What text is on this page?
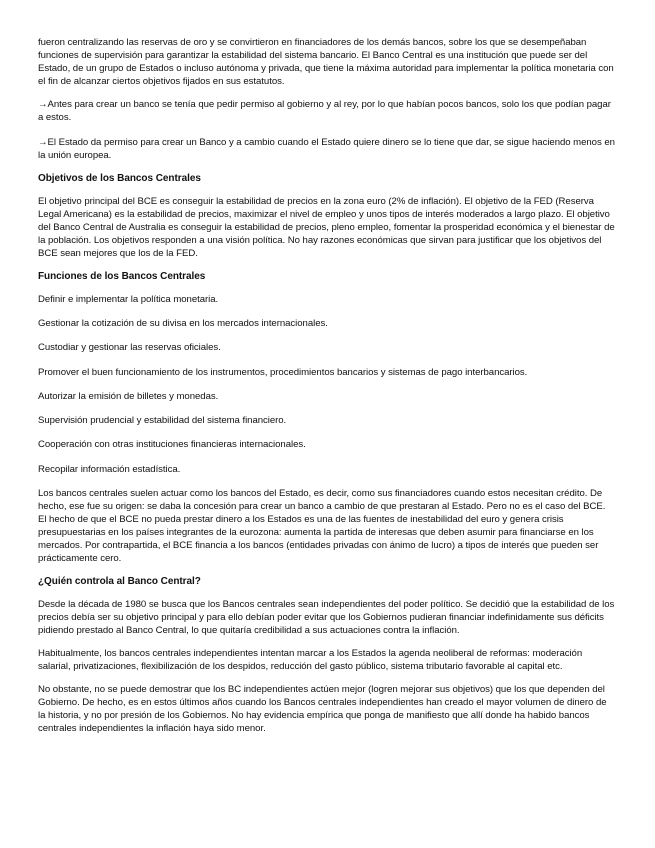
fueron centralizando las reservas de oro y se convirtieron en financiadores de los demás bancos, sobre los que se desempeñaban funciones de supervisión para garantizar la estabilidad del sistema bancario. El Banco Central es una institución que puede ser del Estado, de un grupo de Estados o incluso autónoma y privada, que tiene la máxima autoridad para implementar la política monetaria con el fin de alcanzar ciertos objetivos fijados en sus estatutos.

→Antes para crear un banco se tenía que pedir permiso al gobierno y al rey, por lo que habían pocos bancos, solo los que podían pagar a estos.

→El Estado da permiso para crear un Banco y a cambio cuando el Estado quiere dinero se lo tiene que dar, se sigue haciendo menos en la unión europea.

Objetivos de los Bancos Centrales

El objetivo principal del BCE es conseguir la estabilidad de precios en la zona euro (2% de inflación). El objetivo de la FED (Reserva Legal Americana) es la estabilidad de precios, maximizar el nivel de empleo y unos tipos de interés moderados a largo plazo. El objetivo del Banco Central de Australia es conseguir la estabilidad de precios, pleno empleo, fomentar la prosperidad económica y el bienestar de la población. Los objetivos responden a una visión política. No hay razones económicas que sirvan para justificar que los objetivos del BCE sean mejores que los de la FED.

Funciones de los Bancos Centrales
Definir e implementar la política monetaria.
Gestionar la cotización de su divisa en los mercados internacionales.
Custodiar y gestionar las reservas oficiales.
Promover el buen funcionamiento de los instrumentos, procedimientos bancarios y sistemas de pago interbancarios.
Autorizar la emisión de billetes y monedas.
Supervisión prudencial y estabilidad del sistema financiero.
Cooperación con otras instituciones financieras internacionales.
Recopilar información estadística.

Los bancos centrales suelen actuar como los bancos del Estado, es decir, como sus financiadores cuando estos necesitan crédito. De hecho, ese fue su origen: se daba la concesión para crear un banco a cambio de que prestaran al Estado. Pero no es el caso del BCE. El hecho de que el BCE no pueda prestar dinero a los Estados es una de las fuentes de inestabilidad del euro y genera crisis presupuestarias en los países integrantes de la eurozona: aumenta la partida de interesas que deben asumir para financiarse en los mercados. Por contrapartida, el BCE financia a los bancos (entidades privadas con ánimo de lucro) a tipos de interés que pueden ser prácticamente cero.

¿Quién controla al Banco Central?

Desde la década de 1980 se busca que los Bancos centrales sean independientes del poder político. Se decidió que la estabilidad de los precios debía ser su objetivo principal y para ello debían poder evitar que los Gobiernos pudieran financiar indefinidamente sus déficits pidiendo prestado al Banco Central, lo que quitaría credibilidad a sus actuaciones contra la inflación.

Habitualmente, los bancos centrales independientes intentan marcar a los Estados la agenda neoliberal de reformas: moderación salarial, privatizaciones, flexibilización de los despidos, reducción del gasto público, sistema tributario favorable al capital etc.

No obstante, no se puede demostrar que los BC independientes actúen mejor (logren mejorar sus objetivos) que los que dependen del Gobierno. De hecho, es en estos últimos años cuando los Bancos centrales independientes han creado el mayor volumen de dinero de la historia, y no por presión de los Gobiernos. No hay evidencia empírica que ponga de manifiesto que allí donde ha habido bancos centrales independientes la inflación haya sido menor.
